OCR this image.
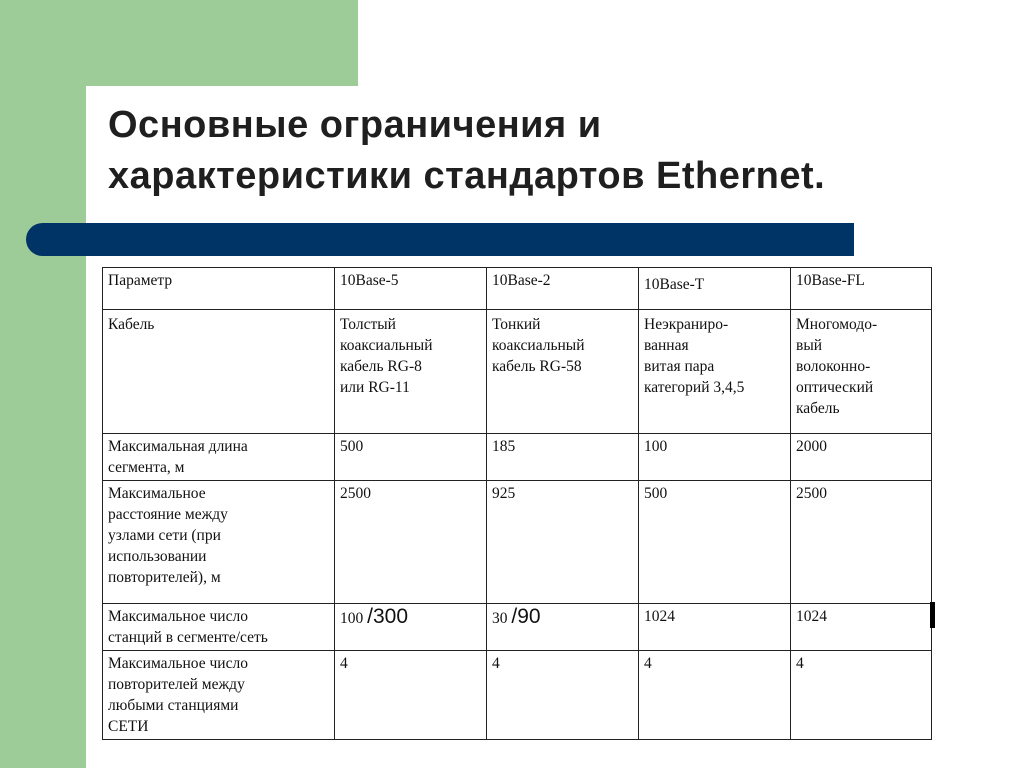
Основные ограничения и
характеристики стандартов Ethernet.
Параметр	10Base-5	10Base-2	10Base-T	10Base-FL
Кабель	Толстый
коаксиальный
кабель RG-8
или RG-11	Тонкий
коаксиальный
кабель RG-58	Неэкраниро-
ванная
витая пара
категорий 3,4,5	Многомодо-
вый
волоконно-
оптический
кабель
Максимальная длина
сегмента, м	500	185	100	2000
Максимальное
расстояние между
узлами сети (при
использовании
повторителей), м	2500	925	500	2500
Максимальное число
станций в сегменте/сеть	100 /300	30 /90	1024	1024
Максимальное число
повторителей между
любыми станциями
СЕТИ	4	4	4	4
